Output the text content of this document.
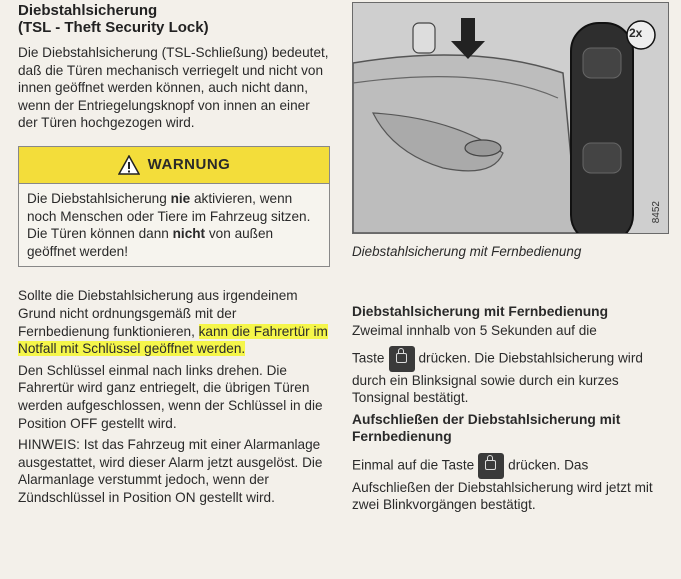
Diebstahlsicherung
(TSL - Theft Security Lock)

Die Diebstahlsicherung (TSL-Schließung) bedeutet, daß die Türen mechanisch verriegelt und nicht von innen geöffnet werden können, auch nicht dann, wenn der Entriegelungsknopf von innen an einer der Türen hochgezogen wird.

WARNUNG
Die Diebstahlsicherung nie aktivieren, wenn noch Menschen oder Tiere im Fahrzeug sitzen. Die Türen können dann nicht von außen geöffnet werden!

Sollte die Diebstahlsicherung aus irgendeinem Grund nicht ordnungsgemäß mit der Fernbedienung funktionieren, kann die Fahrertür im Notfall mit Schlüssel geöffnet werden.

Den Schlüssel einmal nach links drehen. Die Fahrertür wird ganz entriegelt, die übrigen Türen werden aufgeschlossen, wenn der Schlüssel in die Position OFF gestellt wird.

HINWEIS: Ist das Fahrzeug mit einer Alarmanlage ausgestattet, wird dieser Alarm jetzt ausgelöst. Die Alarmanlage verstummt jedoch, wenn der Zündschlüssel in Position ON gestellt wird.

2x
8452
Diebstahlsicherung mit Fernbedienung

Diebstahlsicherung mit Fernbedienung

Zweimal innhalb von 5 Sekunden auf die

Taste	drücken. Die Diebstahlsicherung wird durch ein Blinksignal sowie durch ein kurzes Tonsignal bestätigt.

Aufschließen der Diebstahlsicherung mit Fernbedienung

Einmal auf die Taste	drücken. Das Aufschließen der Diebstahlsicherung wird jetzt mit zwei Blinkvorgängen bestätigt.
